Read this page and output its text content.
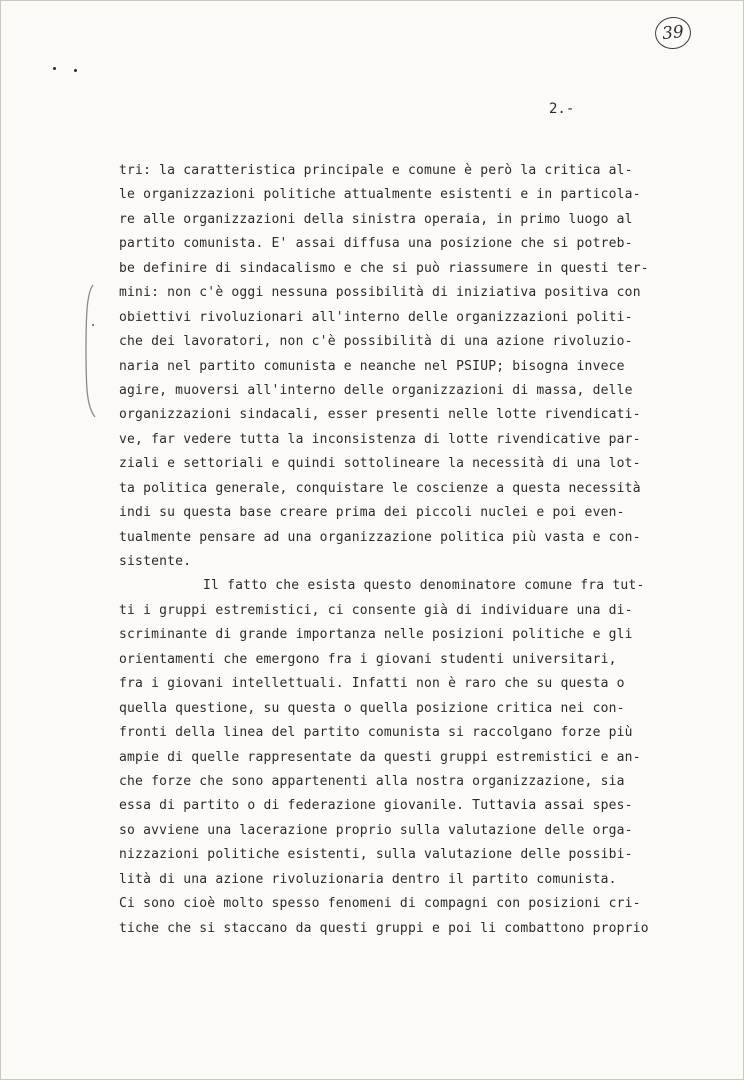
39
2.-
tri: la caratteristica principale e comune è però la critica al-
le organizzazioni politiche attualmente esistenti e in particola-
re alle organizzazioni della sinistra operaia, in primo luogo al
partito comunista. E' assai diffusa una posizione che si potreb-
be definire di sindacalismo e che si può riassumere in questi ter-
mini: non c'è oggi nessuna possibilità di iniziativa positiva con
obiettivi rivoluzionari all'interno delle organizzazioni politi-
che dei lavoratori, non c'è possibilità di una azione rivoluzio-
naria nel partito comunista e neanche nel PSIUP; bisogna invece
agire, muoversi all'interno delle organizzazioni di massa, delle
organizzazioni sindacali, esser presenti nelle lotte rivendicati-
ve, far vedere tutta la inconsistenza di lotte rivendicative par-
ziali e settoriali e quindi sottolineare la necessità di una lot-
ta politica generale, conquistare le coscienze a questa necessità
indi su questa base creare prima dei piccoli nuclei e poi even-
tualmente pensare ad una organizzazione politica più vasta e con-
sistente.
Il fatto che esista questo denominatore comune fra tut-
ti i gruppi estremistici, ci consente già di individuare una di-
scriminante di grande importanza nelle posizioni politiche e gli
orientamenti che emergono fra i giovani studenti universitari,
fra i giovani intellettuali. Infatti non è raro che su questa o
quella questione, su questa o quella posizione critica nei con-
fronti della linea del partito comunista si raccolgano forze più
ampie di quelle rappresentate da questi gruppi estremistici e an-
che forze che sono appartenenti alla nostra organizzazione, sia
essa di partito o di federazione giovanile. Tuttavia assai spes-
so avviene una lacerazione proprio sulla valutazione delle orga-
nizzazioni politiche esistenti, sulla valutazione delle possibi-
lità di una azione rivoluzionaria dentro il partito comunista.
Ci sono cioè molto spesso fenomeni di compagni con posizioni cri-
tiche che si staccano da questi gruppi e poi li combattono proprio
